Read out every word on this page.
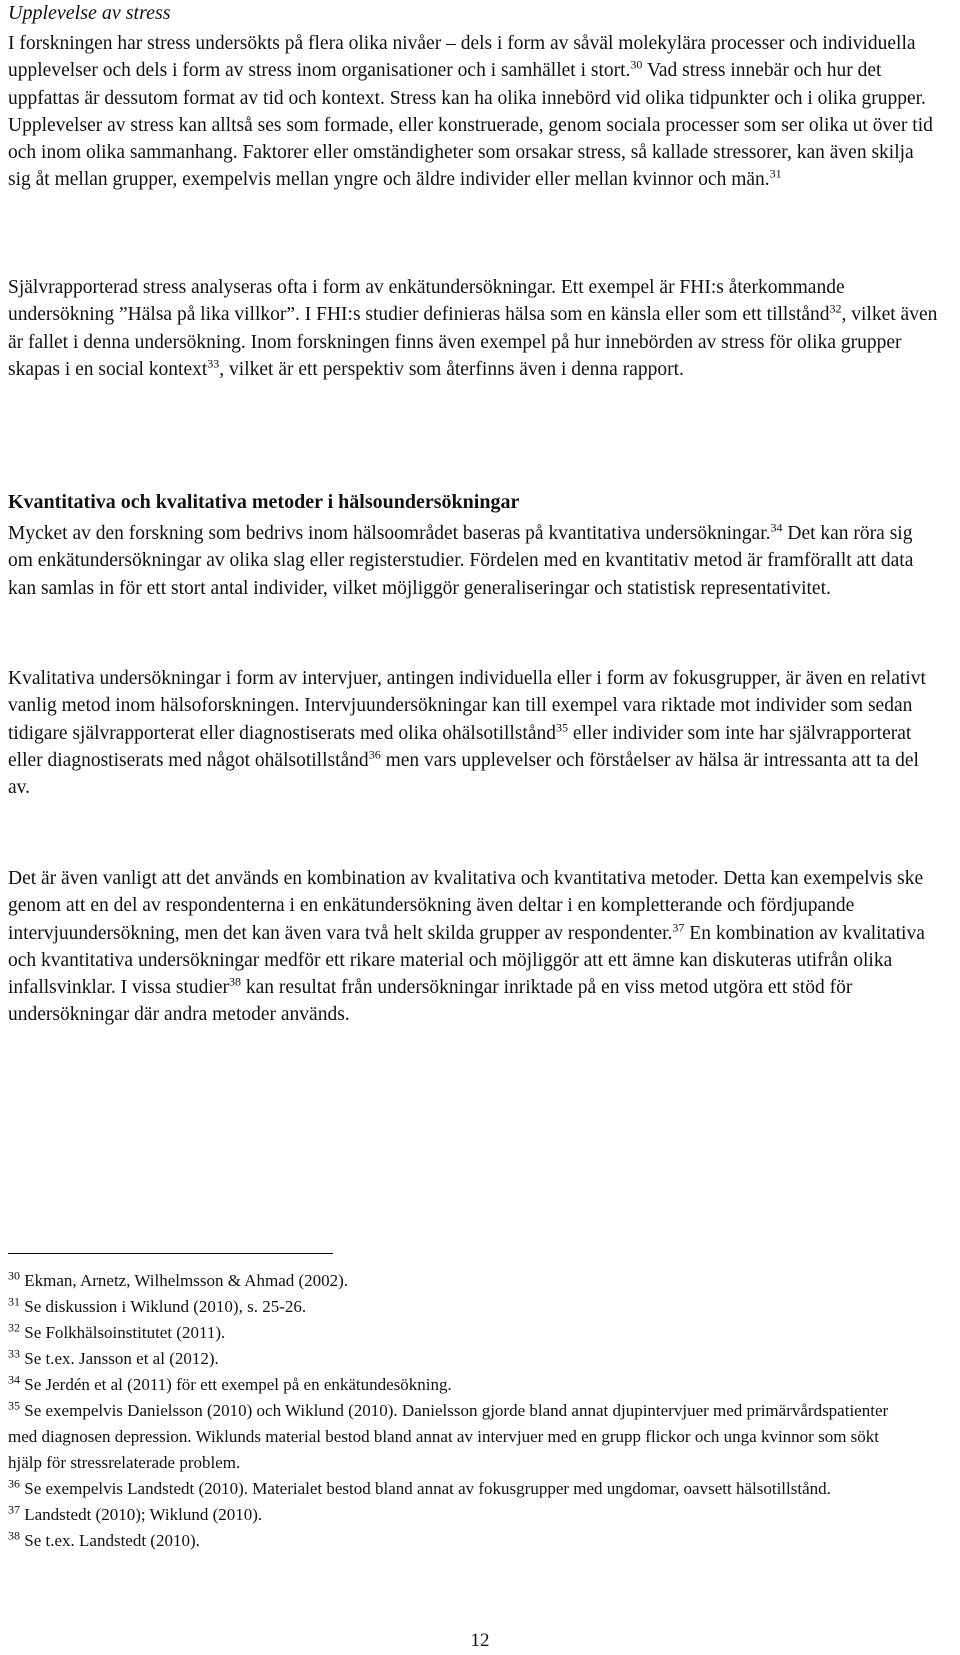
Upplevelse av stress

I forskningen har stress undersökts på flera olika nivåer – dels i form av såväl molekylära processer och individuella upplevelser och dels i form av stress inom organisationer och i samhället i stort.$^{30}$ Vad stress innebär och hur det uppfattas är dessutom format av tid och kontext. Stress kan ha olika innebörd vid olika tidpunkter och i olika grupper. Upplevelser av stress kan alltså ses som formade, eller konstruerade, genom sociala processer som ser olika ut över tid och inom olika sammanhang. Faktorer eller omständigheter som orsakar stress, så kallade stressorer, kan även skilja sig åt mellan grupper, exempelvis mellan yngre och äldre individer eller mellan kvinnor och män.$^{31}$

Självrapporterad stress analyseras ofta i form av enkätundersökningar. Ett exempel är FHI:s återkommande undersökning ”Hälsa på lika villkor”. I FHI:s studier definieras hälsa som en känsla eller som ett tillstånd$^{32}$, vilket även är fallet i denna undersökning. Inom forskningen finns även exempel på hur innebörden av stress för olika grupper skapas i en social kontext$^{33}$, vilket är ett perspektiv som återfinns även i denna rapport.

Kvantitativa och kvalitativa metoder i hälsoundersökningar

Mycket av den forskning som bedrivs inom hälsoområdet baseras på kvantitativa undersökningar.$^{34}$ Det kan röra sig om enkätundersökningar av olika slag eller registerstudier. Fördelen med en kvantitativ metod är framförallt att data kan samlas in för ett stort antal individer, vilket möjliggör generaliseringar och statistisk representativitet.

Kvalitativa undersökningar i form av intervjuer, antingen individuella eller i form av fokusgrupper, är även en relativt vanlig metod inom hälsoforskningen. Intervjuundersökningar kan till exempel vara riktade mot individer som sedan tidigare självrapporterat eller diagnostiserats med olika ohälsotillstånd$^{35}$ eller individer som inte har självrapporterat eller diagnostiserats med något ohälsotillstånd$^{36}$ men vars upplevelser och förståelser av hälsa är intressanta att ta del av.

Det är även vanligt att det används en kombination av kvalitativa och kvantitativa metoder. Detta kan exempelvis ske genom att en del av respondenterna i en enkätundersökning även deltar i en kompletterande och fördjupande intervjuundersökning, men det kan även vara två helt skilda grupper av respondenter.$^{37}$ En kombination av kvalitativa och kvantitativa undersökningar medför ett rikare material och möjliggör att ett ämne kan diskuteras utifrån olika infallsvinklar. I vissa studier$^{38}$ kan resultat från undersökningar inriktade på en viss metod utgöra ett stöd för undersökningar där andra metoder används.

$^{30}$ Ekman, Arnetz, Wilhelmsson & Ahmad (2002).

$^{31}$ Se diskussion i Wiklund (2010), s. 25-26.

$^{32}$ Se Folkhälsoinstitutet (2011).

$^{33}$ Se t.ex. Jansson et al (2012).

$^{34}$ Se Jerdén et al (2011) för ett exempel på en enkätundesökning.

$^{35}$ Se exempelvis Danielsson (2010) och Wiklund (2010). Danielsson gjorde bland annat djupintervjuer med primärvårdspatienter med diagnosen depression. Wiklunds material bestod bland annat av intervjuer med en grupp flickor och unga kvinnor som sökt hjälp för stressrelaterade problem.

$^{36}$ Se exempelvis Landstedt (2010). Materialet bestod bland annat av fokusgrupper med ungdomar, oavsett hälsotillstånd.

$^{37}$ Landstedt (2010); Wiklund (2010).

$^{38}$ Se t.ex. Landstedt (2010).

12
